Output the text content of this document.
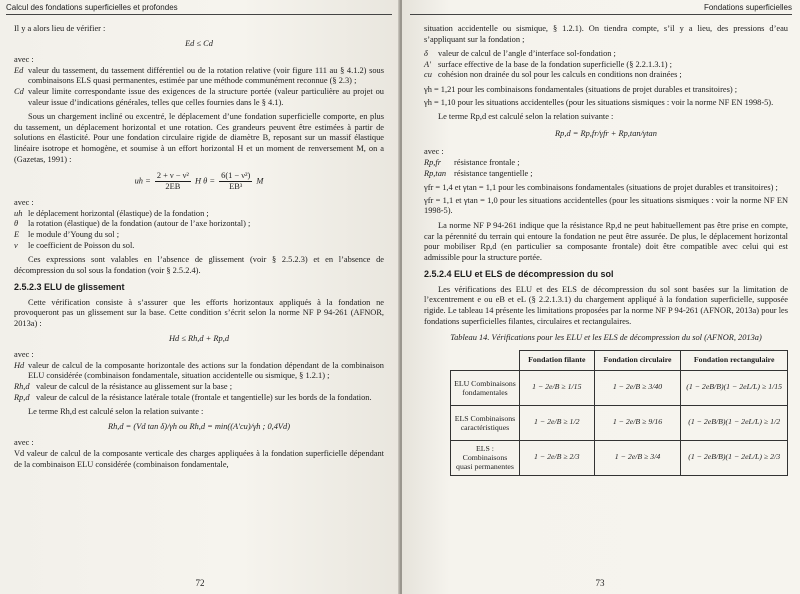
Calcul des fondations superficielles et profondes

Il y a alors lieu de vérifier :

Ed ≤ Cd

avec :

Ed valeur du tassement, du tassement différentiel ou de la rotation relative (voir figure 111 au § 4.1.2) sous combinaisons ELS quasi permanentes, estimée par une méthode communément reconnue (§ 2.3) ;
Cd valeur limite correspondante issue des exigences de la structure portée (valeur particulière au projet ou valeur issue d’indications générales, telles que celles fournies dans le § 4.1).

Sous un chargement incliné ou excentré, le déplacement d’une fondation superficielle comporte, en plus du tassement, un déplacement horizontal et une rotation. Ces grandeurs peuvent être estimées à partir de solutions en élasticité. Pour une fondation circulaire rigide de diamètre B, reposant sur un massif élastique linéaire isotrope et homogène, et soumise à un effort horizontal H et un moment de renversement M, on a (Gazetas, 1991) :

uh = $\frac{\text{2 + ν − ν²}}{2EB}$ H $\theta = \frac{\text{6(1 − ν²)}}{\text{EB³}}$ M

avec :

uh le déplacement horizontal (élastique) de la fondation ;
θ	la rotation (élastique) de la fondation (autour de l’axe horizontal) ;
E	le module d’Young du sol ;
ν	le coefficient de Poisson du sol.

Ces expressions sont valables en l’absence de glissement (voir § 2.5.2.3) et en l’absence de décompression du sol sous la fondation (voir § 2.5.2.4).

2.5.2.3 ELU de glissement

Cette vérification consiste à s’assurer que les efforts horizontaux appliqués à la fondation ne provoqueront pas un glissement sur la base. Cette condition s’écrit selon la norme NF P 94-261 (AFNOR, 2013a) :

Hd ≤ Rh,d + Rp,d

avec :

Hd valeur de calcul de la composante horizontale des actions sur la fondation dépendant de la combinaison ELU considérée (combinaison fondamentale, situation accidentelle ou sismique, § 1.2.1) ;
Rh,d valeur de calcul de la résistance au glissement sur la base ;
Rp,d valeur de calcul de la résistance latérale totale (frontale et tangentielle) sur les bords de la fondation.

Le terme Rh,d est calculé selon la relation suivante :

Rh,d = (Vd tan δ)/γh ou Rh,d = min((A′cu)/γh ; 0,4Vd)

avec :

Vd valeur de calcul de la composante verticale des charges appliquées à la fondation superficielle dépendant de la combinaison ELU considérée (combinaison fondamentale,

72
Fondations superficielles

situation accidentelle ou sismique, § 1.2.1). On tiendra compte, s’il y a lieu, des pressions d’eau s’appliquant sur la fondation ;

δ	valeur de calcul de l’angle d’interface sol-fondation ;
A′ surface effective de la base de la fondation superficielle (§ 2.2.1.3.1) ;
cu cohésion non drainée du sol pour les calculs en conditions non drainées ;

γh = 1,21 pour les combinaisons fondamentales (situations de projet durables et transitoires) ;

γh = 1,10 pour les situations accidentelles (pour les situations sismiques : voir la norme NF EN 1998-5).

Le terme Rp,d est calculé selon la relation suivante :

Rp,d = Rp,fr/γfr + Rp,tan/γtan

avec :

Rp,fr	résistance frontale ;
Rp,tan résistance tangentielle ;

γfr = 1,4 et γtan = 1,1 pour les combinaisons fondamentales (situations de projet durables et transitoires) ;

γfr = 1,1 et γtan = 1,0 pour les situations accidentelles (pour les situations sismiques : voir la norme NF EN 1998-5).

La norme NF P 94-261 indique que la résistance Rp,d ne peut habituellement pas être prise en compte, car la pérennité du terrain qui entoure la fondation ne peut être assurée. De plus, le déplacement horizontal pour mobiliser Rp,d (en particulier sa composante frontale) doit être compatible avec celui qui est admissible pour la structure portée.

2.5.2.4 ELU et ELS de décompression du sol

Les vérifications des ELU et des ELS de décompression du sol sont basées sur la limitation de l’excentrement e ou eB et eL (§ 2.2.1.3.1) du chargement appliqué à la fondation superficielle, supposée rigide. Le tableau 14 présente les limitations proposées par la norme NF P 94-261 (AFNOR, 2013a) pour les fondations superficielles filantes, circulaires et rectangulaires.

Tableau 14. Vérifications pour les ELU et les ELS de décompression du sol (AFNOR, 2013a)
	Fondation filante	Fondation circulaire	Fondation rectangulaire
ELU Combinaisons fondamentales	1 − 2e/B ≥ 1/15	1 − 2e/B ≥ 3/40	(1 − 2eB/B)(1 − 2eL/L) ≥ 1/15
ELS Combinaisons caractéristiques	1 − 2e/B ≥ 1/2	1 − 2e/B ≥ 9/16	(1 − 2eB/B)(1 − 2eL/L) ≥ 1/2
ELS : Combinaisons quasi permanentes	1 − 2e/B ≥ 2/3	1 − 2e/B ≥ 3/4	(1 − 2eB/B)(1 − 2eL/L) ≥ 2/3
73
